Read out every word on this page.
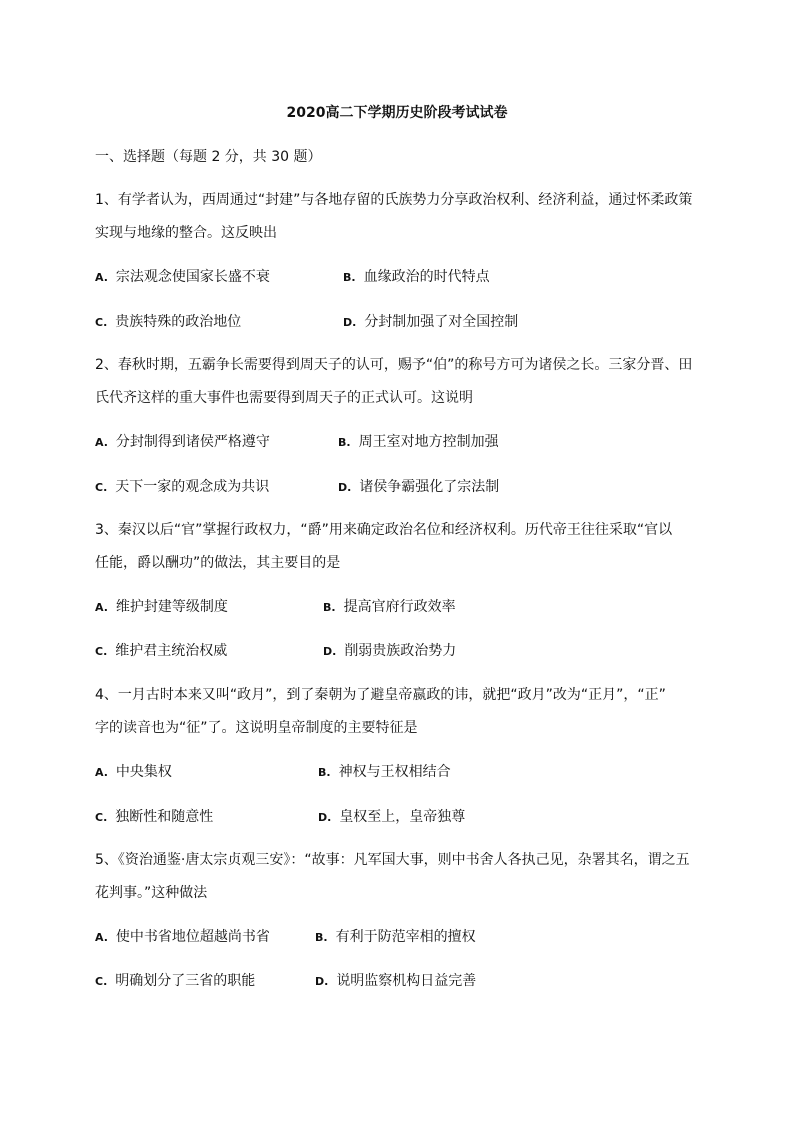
2020高二下学期历史阶段考试试卷
一、选择题（每题 2 分，共 30 题）
1、有学者认为，西周通过“封建”与各地存留的氏族势力分享政治权利、经济利益，通过怀柔政策
实现与地缘的整合。这反映出
A. 宗法观念使国家长盛不衰	B. 血缘政治的时代特点
C. 贵族特殊的政治地位	D. 分封制加强了对全国控制
2、春秋时期，五霸争长需要得到周天子的认可，赐予“伯”的称号方可为诸侯之长。三家分晋、田
氏代齐这样的重大事件也需要得到周天子的正式认可。这说明
A. 分封制得到诸侯严格遵守	B. 周王室对地方控制加强
C. 天下一家的观念成为共识	D. 诸侯争霸强化了宗法制
3、秦汉以后“官”掌握行政权力，“爵”用来确定政治名位和经济权利。历代帝王往往采取“官以
任能，爵以酬功”的做法，其主要目的是
A. 维护封建等级制度	B. 提高官府行政效率
C. 维护君主统治权威	D. 削弱贵族政治势力
4、一月古时本来又叫“政月”，到了秦朝为了避皇帝嬴政的讳，就把“政月”改为“正月”，“正”
字的读音也为“征”了。这说明皇帝制度的主要特征是
A. 中央集权	B. 神权与王权相结合
C. 独断性和随意性	D. 皇权至上，皇帝独尊
5、《资治通鉴·唐太宗贞观三安》：“故事：凡军国大事，则中书舍人各执己见，杂署其名，谓之五
花判事。”这种做法
A. 使中书省地位超越尚书省	B. 有利于防范宰相的擅权
C. 明确划分了三省的职能	D. 说明监察机构日益完善
